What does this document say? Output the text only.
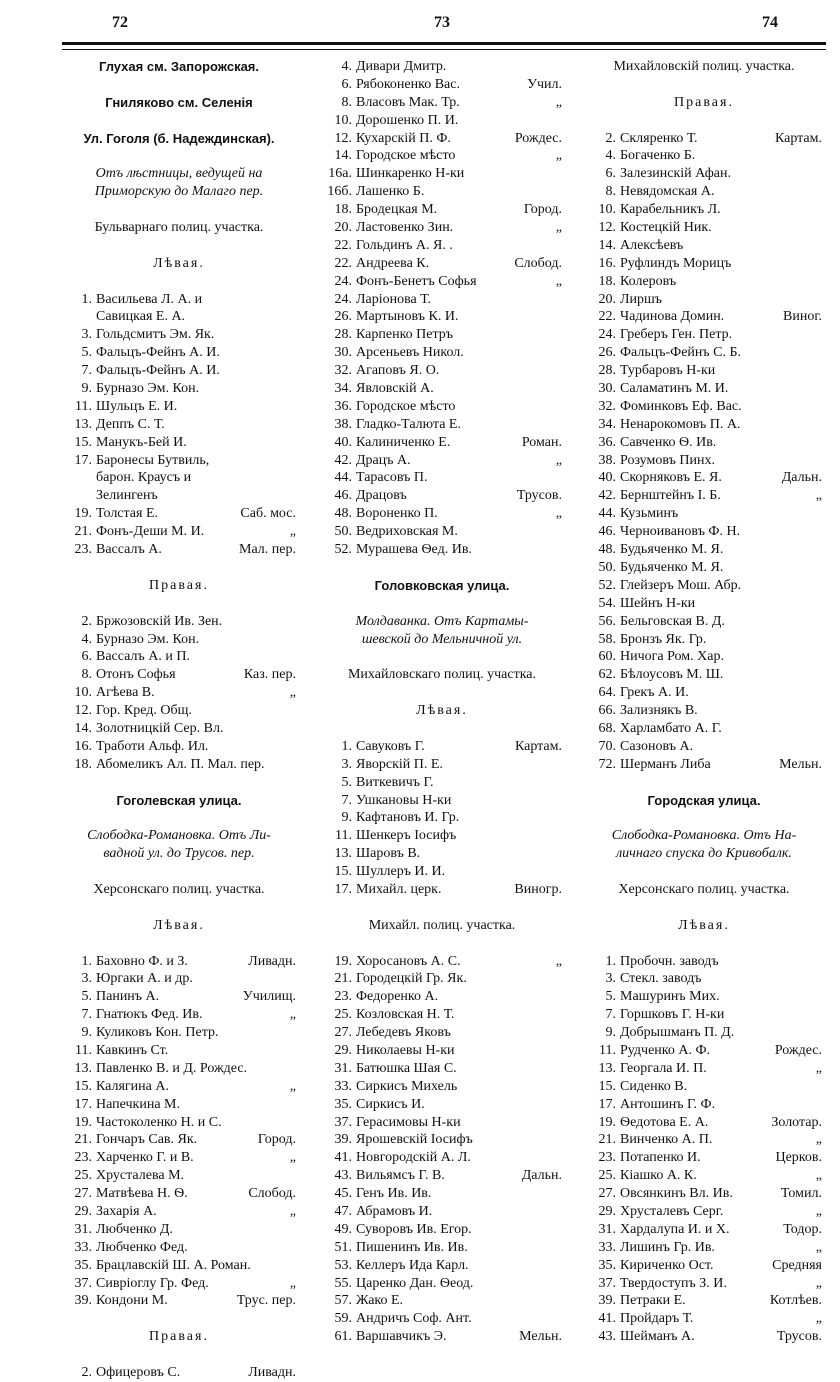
72	73	74
Глухая см. Запорожская.
Гниляково см. Селенія
Ул. Гоголя (б. Надеждинская).
Отъ лѣстницы, ведущей на
Приморскую до Малаго пер.
Бульварнаго полиц. участка.
Лѣвая.
1. Васильева Л. А. и
Савицкая Е. А.
3. Гольдсмитъ Эм. Як.
5. Фальцъ-Фейнъ А. И.
7. Фальцъ-Фейнъ А. И.
9. Бурназо Эм. Кон.
11. Шульцъ Е. И.
13. Деппъ С. Т.
15. Манукъ-Бей И.
17. Баронесы Бутвиль,
барон. Краусъ и
Зелингенъ
19. Толстая Е.	Саб. мос.
21. Фонъ-Деши М. И.	„
23. Вассалъ А.	Мал. пер.
Правая.
2. Бржозовскій Ив. Зен.
4. Бурназо Эм. Кон.
6. Вассалъ А. и П.
8. Отонъ Софья	Каз. пер.
10. Агѣева В.	„
12. Гор. Кред. Общ.
14. Золотницкій Сер. Вл.
16. Тработи Альф. Ил.
18. Абомеликъ Ал. П. Мал. пер.
Гоголевская улица.
Слободка-Романовка. Отъ Ли-
вадной ул. до Трусов. пер.
Херсонскаго полиц. участка.
Лѣвая.
1. Баховно Ф. и З.	Ливадн.
3. Юргаки А. и др.
5. Панинъ А.	Училищ.
7. Гнатюкъ Фед. Ив.	„
9. Куликовъ Кон. Петр.
11. Кавкинъ Ст.
13. Павленко В. и Д. Рождес.
15. Калягина А.	„
17. Напечкина М.
19. Частоколенко Н. и С.
21. Гончаръ Сав. Як.	Город.
23. Харченко Г. и В.	„
25. Хрусталева М.
27. Матвѣева Н. Ѳ.	Слобод.
29. Захарія А.	„
31. Любченко Д.
33. Любченко Фед.
35. Брацлавскій Ш. А. Роман.
37. Сивріоглу Гр. Фед.	„
39. Кондони М.	Трус. пер.
Правая.
2. Офицеровъ С.	Ливадн.
4. Дивари Дмитр.
6. Рябоконенко Вас.	Учил.
8. Власовъ Мак. Тр.	„
10. Дорошенко П. И.
12. Кухарскій П. Ф.	Рождес.
14. Городское мѣсто	„
16а. Шинкаренко Н-ки
16б. Лашенко Б.
18. Бродецкая М.	Город.
20. Ластовенко Зин.	„
22. Гольдинъ А. Я. .
22. Андреева К.	Слобод.
24. Фонъ-Бенетъ Софья	„
24. Ларіонова Т.
26. Мартыновъ К. И.
28. Карпенко Петръ
30. Арсеньевъ Никол.
32. Агаповъ Я. О.
34. Явловскій А.
36. Городское мѣсто
38. Гладко-Талюта Е.
40. Калиниченко Е.	Роман.
42. Драцъ А.	„
44. Тарасовъ П.
46. Драцовъ	Трусов.
48. Вороненко П.	„
50. Ведриховская М.
52. Мурашева Ѳед. Ив.
Головковская улица.
Молдаванка. Отъ Картамы-
шевской до Мельничной ул.
Михайловскаго полиц. участка.
Лѣвая.
1. Савуковъ Г.	Картам.
3. Яворскій П. Е.
5. Виткевичъ Г.
7. Ушкановы Н-ки
9. Кафтановъ И. Гр.
11. Шенкеръ Іосифъ
13. Шаровъ В.
15. Шуллеръ И. И.
17. Михайл. церк.	Виногр.
Михайл. полиц. участка.
19. Хоросановъ А. С.	„
21. Городецкій Гр. Як.
23. Федоренко А.
25. Козловская Н. Т.
27. Лебедевъ Яковъ
29. Николаевы Н-ки
31. Батюшка Шая С.
33. Сиркисъ Михель
35. Сиркисъ И.
37. Герасимовы Н-ки
39. Ярошевскій Іосифъ
41. Новгородскій А. Л.
43. Вильямсъ Г. В.	Дальн.
45. Генъ Ив. Ив.
47. Абрамовъ И.
49. Суворовъ Ив. Егор.
51. Пишенинъ Ив. Ив.
53. Келлеръ Ида Карл.
55. Царенко Дан. Ѳеод.
57. Жако Е.
59. Андричъ Соф. Ант.
61. Варшавчикъ Э.	Мельн.
Михайловскій полиц. участка.
Правая.
2. Скляренко Т.	Картам.
4. Богаченко Б.
6. Залезинскій Афан.
8. Невядомская А.
10. Карабельникъ Л.
12. Костецкій Ник.
14. Алексѣевъ
16. Руфлиндъ Морицъ
18. Колеровъ
20. Лиршъ
22. Чадинова Домин.	Виног.
24. Греберъ Ген. Петр.
26. Фальцъ-Фейнъ С. Б.
28. Турбаровъ Н-ки
30. Саламатинъ М. И.
32. Фоминковъ Еф. Вас.
34. Ненарокомовъ П. А.
36. Савченко Ѳ. Ив.
38. Розумовъ Пинх.
40. Скорняковъ Е. Я.	Дальн.
42. Бернштейнъ І. Б.	„
44. Кузьминъ
46. Черноивановъ Ф. Н.
48. Будьяченко М. Я.
50. Будьяченко М. Я.
52. Глейзеръ Мош. Абр.
54. Шейнъ Н-ки
56. Бельговская В. Д.
58. Бронзъ Як. Гр.
60. Ничога Ром. Хар.
62. Бѣлоусовъ М. Ш.
64. Грекъ А. И.
66. Зализнякъ В.
68. Харламбато А. Г.
70. Сазоновъ А.
72. Шерманъ Либа	Мельн.
Городская улица.
Слободка-Романовка. Отъ На-
личнаго спуска до Кривобалк.
Херсонскаго полиц. участка.
Лѣвая.
1. Пробочн. заводъ
3. Стекл. заводъ
5. Машуринъ Мих.
7. Горшковъ Г. Н-ки
9. Добрышманъ П. Д.
11. Рудченко А. Ф.	Рождес.
13. Георгала И. П.	„
15. Сиденко В.
17. Антошинъ Г. Ф.
19. Ѳедотова Е. А.	Золотар.
21. Винченко А. П.	„
23. Потапенко И.	Церков.
25. Кіашко А. К.	„
27. Овсянкинъ Вл. Ив.	Томил.
29. Хрусталевъ Серг.	„
31. Хардалупа И. и Х.	Тодор.
33. Лишинъ Гр. Ив.	„
35. Кириченко Ост.	Средняя
37. Твердоступъ З. И.	„
39. Петраки Е.	Котлѣев.
41. Пройдаръ Т.	„
43. Шейманъ А.	Трусов.
